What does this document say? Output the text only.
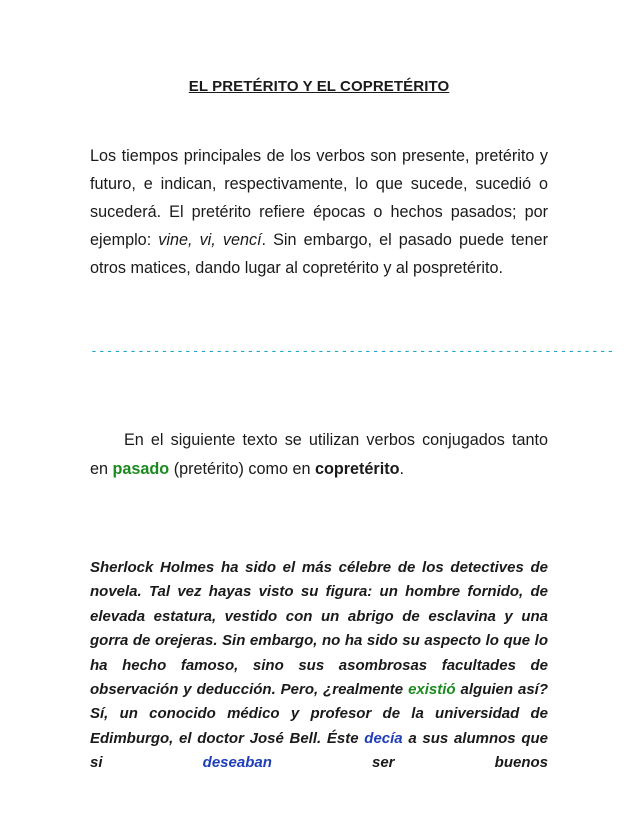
EL PRETÉRITO Y EL COPRETÉRITO
Los tiempos principales de los verbos son presente, pretérito y futuro, e indican, respectivamente, lo que sucede, sucedió o sucederá. El pretérito refiere épocas o hechos pasados; por ejemplo: vine, vi, vencí. Sin embargo, el pasado puede tener otros matices, dando lugar al copretérito y al pospretérito.
-------------------------------------------------------------------
En el siguiente texto se utilizan verbos conjugados tanto en pasado (pretérito) como en copretérito.
Sherlock Holmes ha sido el más célebre de los detectives de novela. Tal vez hayas visto su figura: un hombre fornido, de elevada estatura, vestido con un abrigo de esclavina y una gorra de orejeras. Sin embargo, no ha sido su aspecto lo que lo ha hecho famoso, sino sus asombrosas facultades de observación y deducción. Pero, ¿realmente existió alguien así? Sí, un conocido médico y profesor de la universidad de Edimburgo, el doctor José Bell. Éste decía a sus alumnos que si deseaban ser buenos
